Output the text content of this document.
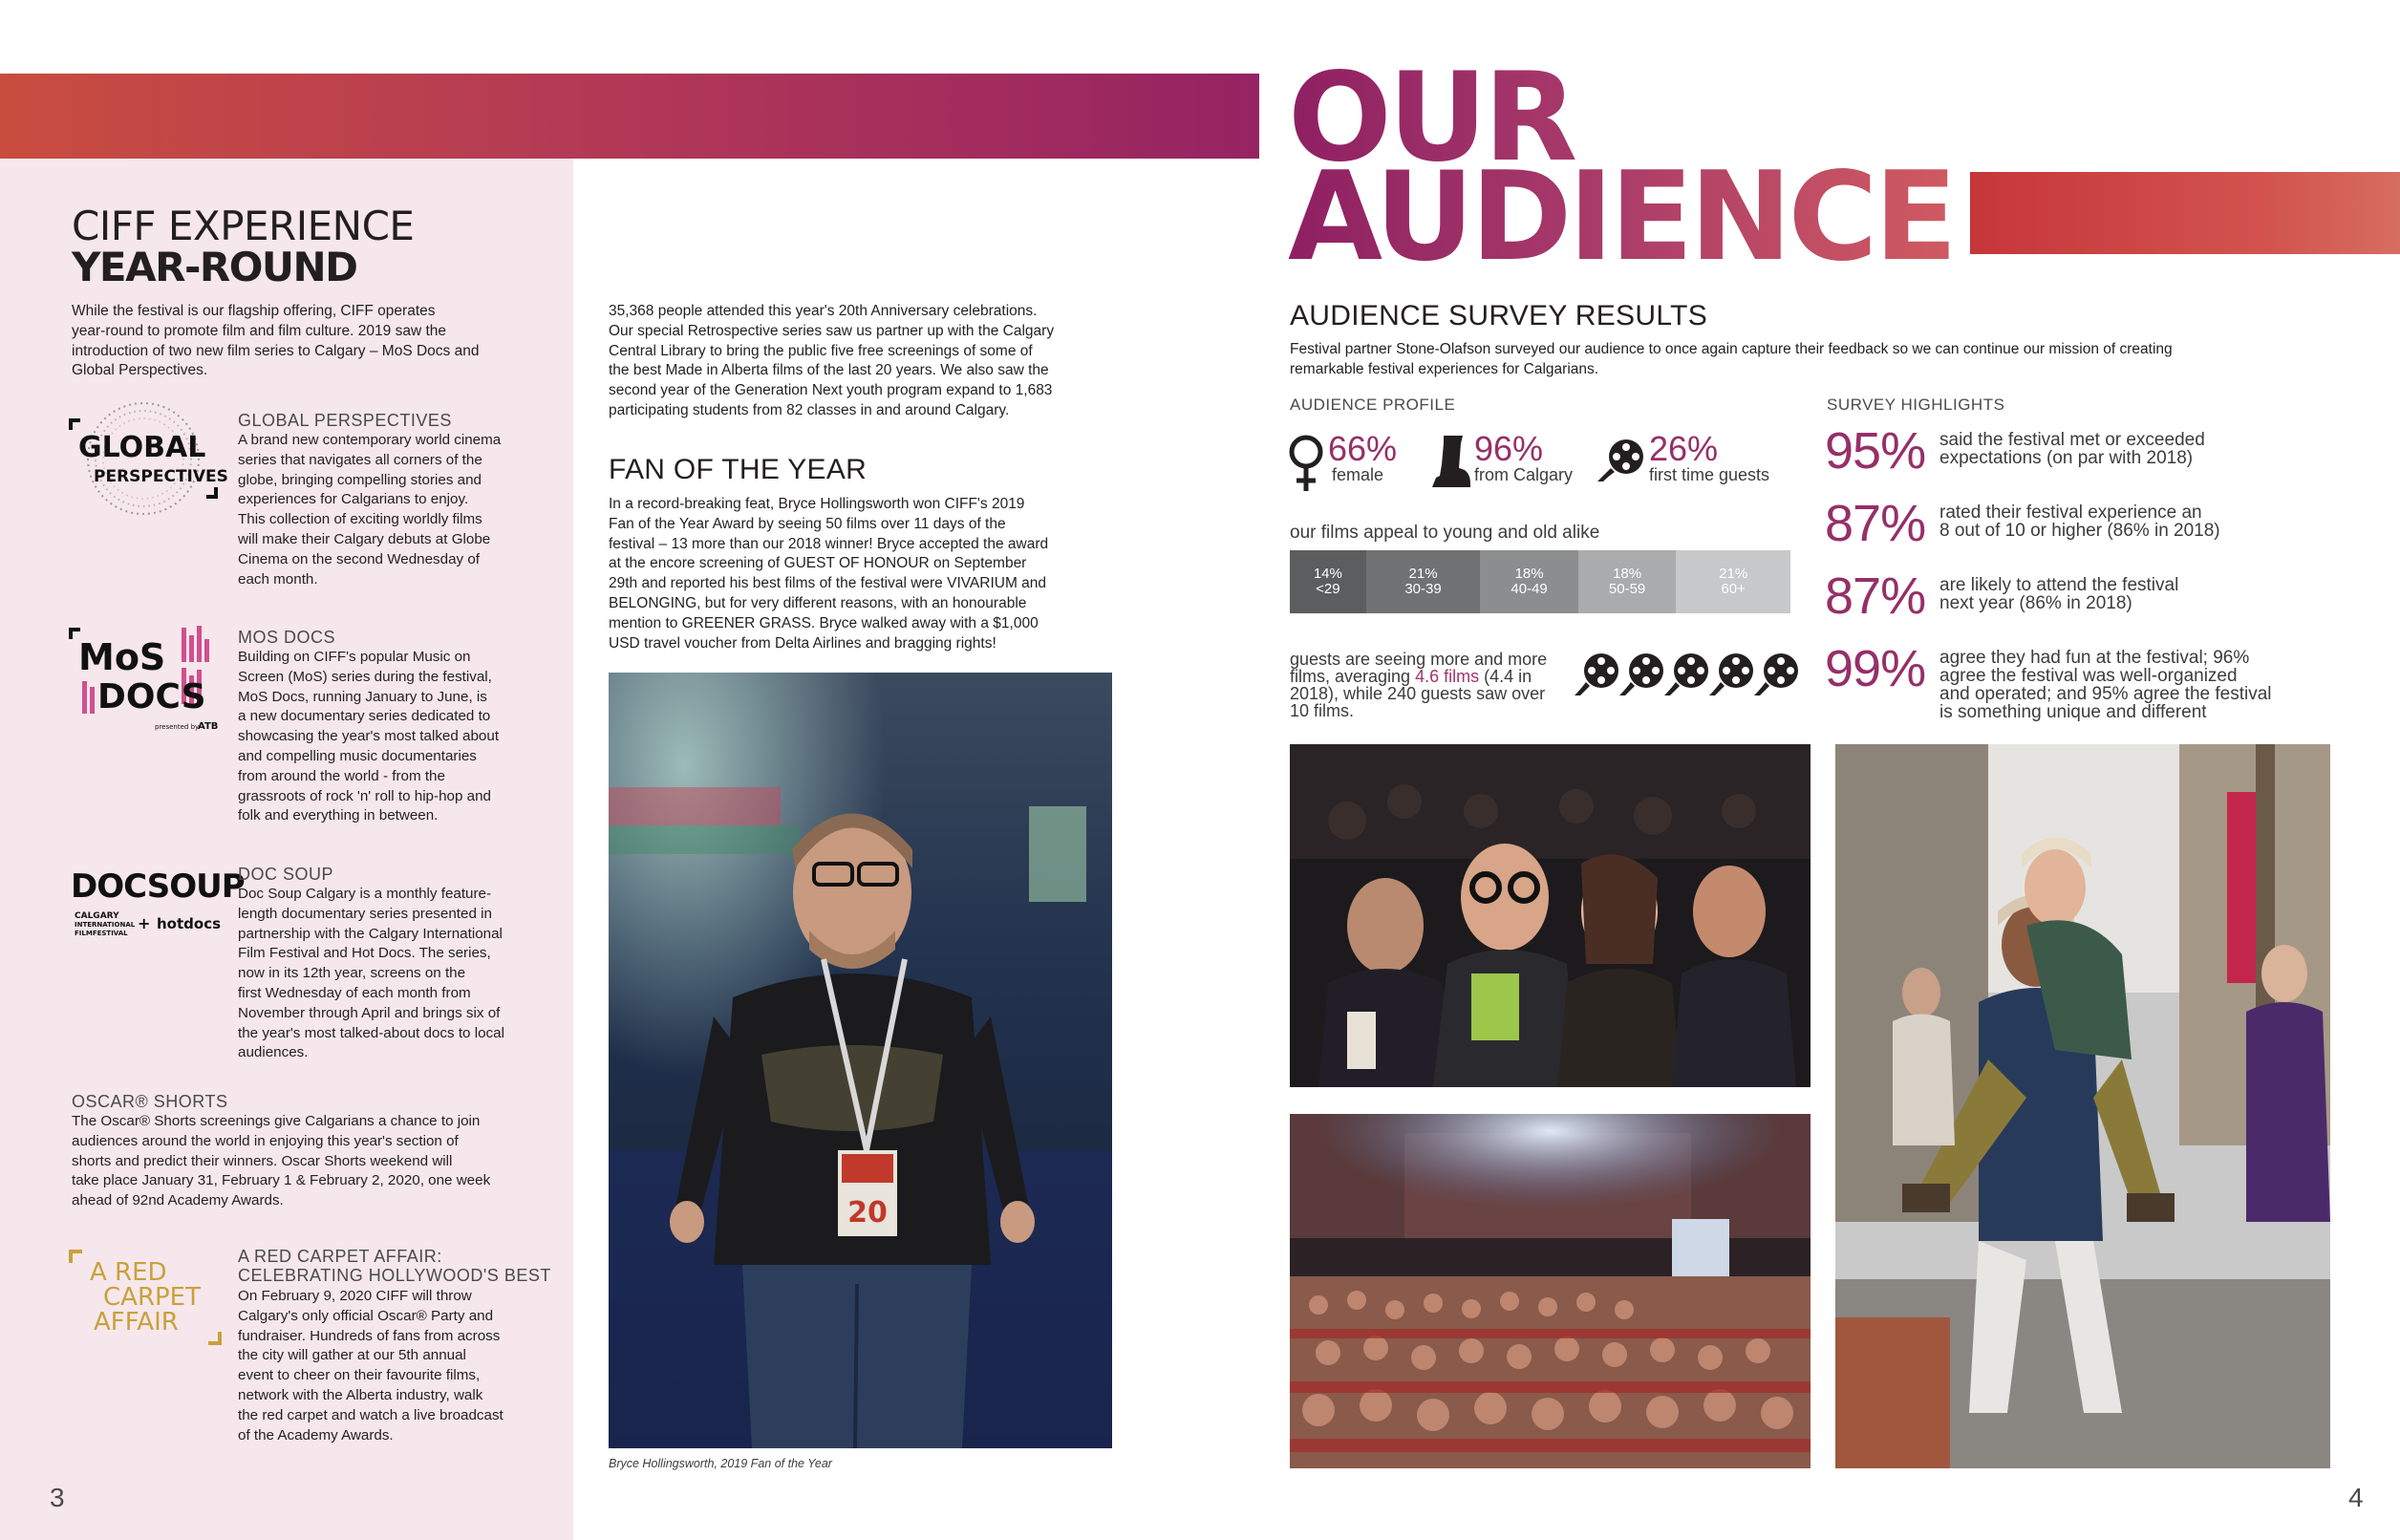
CIFF EXPERIENCE
YEAR-ROUND
While the festival is our flagship offering, CIFF operates
year-round to promote film and film culture. 2019 saw the
introduction of two new film series to Calgary – MoS Docs and
Global Perspectives.
GLOBAL
PERSPECTIVES
GLOBAL PERSPECTIVES
A brand new contemporary world cinema
series that navigates all corners of the
globe, bringing compelling stories and
experiences for Calgarians to enjoy.
This collection of exciting worldly films
will make their Calgary debuts at Globe
Cinema on the second Wednesday of
each month.
MoS
DOCS
presented by
ATB
MOS DOCS
Building on CIFF's popular Music on
Screen (MoS) series during the festival,
MoS Docs, running January to June, is
a new documentary series dedicated to
showcasing the year's most talked about
and compelling music documentaries
from around the world - from the
grassroots of rock 'n' roll to hip-hop and
folk and everything in between.
DOCSOUP
CALGARY
INTERNATIONAL
FILMFESTIVAL
+ hotdocs
DOC SOUP
Doc Soup Calgary is a monthly feature-
length documentary series presented in
partnership with the Calgary International
Film Festival and Hot Docs. The series,
now in its 12th year, screens on the
first Wednesday of each month from
November through April and brings six of
the year's most talked-about docs to local
audiences.
OSCAR® SHORTS
The Oscar® Shorts screenings give Calgarians a chance to join
audiences around the world in enjoying this year's section of
shorts and predict their winners. Oscar Shorts weekend will
take place January 31, February 1 & February 2, 2020, one week
ahead of 92nd Academy Awards.
A RED
CARPET
AFFAIR
A RED CARPET AFFAIR:
CELEBRATING HOLLYWOOD'S BEST
On February 9, 2020 CIFF will throw
Calgary's only official Oscar® Party and
fundraiser. Hundreds of fans from across
the city will gather at our 5th annual
event to cheer on their favourite films,
network with the Alberta industry, walk
the red carpet and watch a live broadcast
of the Academy Awards.
3
35,368 people attended this year's 20th Anniversary celebrations.
Our special Retrospective series saw us partner up with the Calgary
Central Library to bring the public five free screenings of some of
the best Made in Alberta films of the last 20 years. We also saw the
second year of the Generation Next youth program expand to 1,683
participating students from 82 classes in and around Calgary.
FAN OF THE YEAR
In a record-breaking feat, Bryce Hollingsworth won CIFF's 2019
Fan of the Year Award by seeing 50 films over 11 days of the
festival – 13 more than our 2018 winner! Bryce accepted the award
at the encore screening of GUEST OF HONOUR on September
29th and reported his best films of the festival were VIVARIUM and
BELONGING, but for very different reasons, with an honourable
mention to GREENER GRASS. Bryce walked away with a $1,000
USD travel voucher from Delta Airlines and bragging rights!
20
Bryce Hollingsworth, 2019 Fan of the Year
OUR
AUDIENCE
AUDIENCE SURVEY RESULTS
Festival partner Stone-Olafson surveyed our audience to once again capture their feedback so we can continue our mission of creating
remarkable festival experiences for Calgarians.
AUDIENCE PROFILE	SURVEY HIGHLIGHTS
66%
female
96%
from Calgary
26%
first time guests
our films appeal to young and old alike
14%
<29
21%
30-39
18%
40-49
18%
50-59
21%
60+
guests are seeing more and more
films, averaging 4.6 films (4.4 in
2018), while 240 guests saw over
10 films.
95% said the festival met or exceeded
expectations (on par with 2018)
87% rated their festival experience an
8 out of 10 or higher (86% in 2018)
87% are likely to attend the festival
next year (86% in 2018)
99% agree they had fun at the festival; 96%
agree the festival was well-organized
and operated; and 95% agree the festival
is something unique and different
4
